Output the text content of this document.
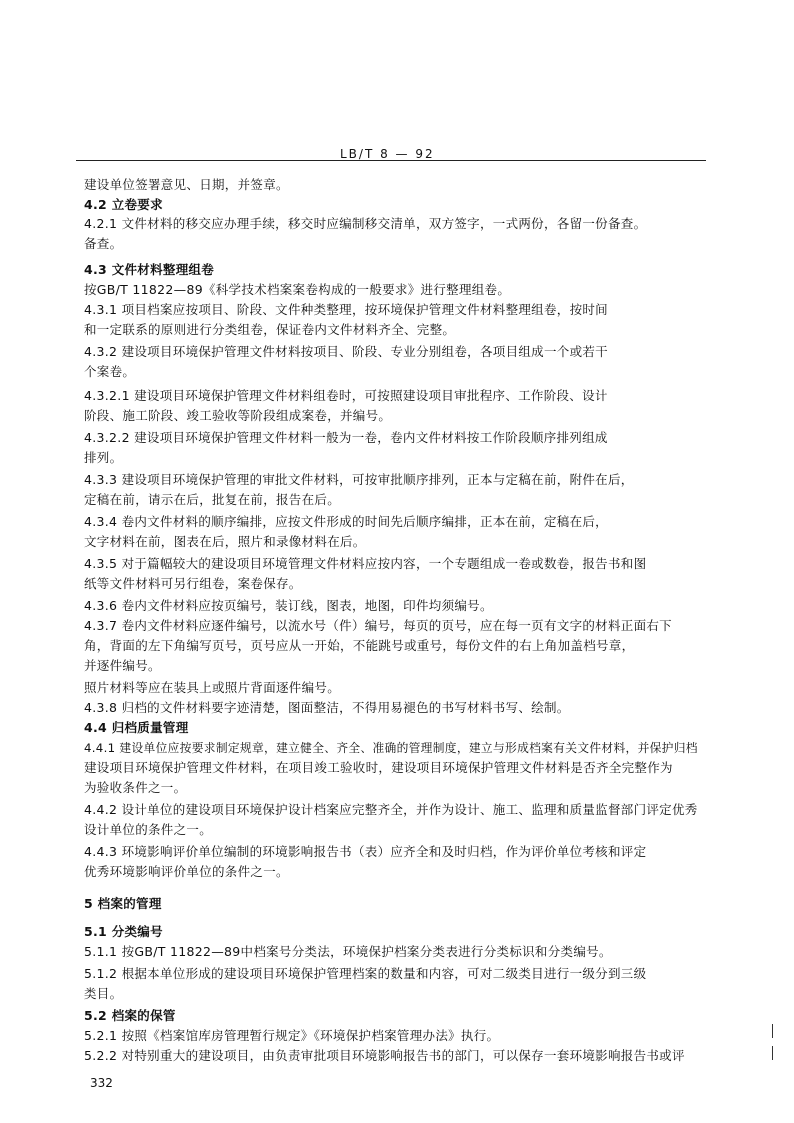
LB/T 8 — 92
建设单位签署意见、日期，并签章。
4.2 立卷要求
4.2.1 文件材料的移交应办理手续，移交时应编制移交清单，双方签字，一式两份，各留一份备查。
备查。
4.3 文件材料整理组卷
按GB/T 11822—89《科学技术档案案卷构成的一般要求》进行整理组卷。
4.3.1 项目档案应按项目、阶段、文件种类整理，按环境保护管理文件材料整理组卷，按时间
和一定联系的原则进行分类组卷，保证卷内文件材料齐全、完整。
4.3.2 建设项目环境保护管理文件材料按项目、阶段、专业分别组卷，各项目组成一个或若干
个案卷。
4.3.2.1 建设项目环境保护管理文件材料组卷时，可按照建设项目审批程序、工作阶段、设计
阶段、施工阶段、竣工验收等阶段组成案卷，并编号。
4.3.2.2 建设项目环境保护管理文件材料一般为一卷，卷内文件材料按工作阶段顺序排列组成
排列。
4.3.3 建设项目环境保护管理的审批文件材料，可按审批顺序排列，正本与定稿在前，附件在后，
定稿在前，请示在后，批复在前，报告在后。
4.3.4 卷内文件材料的顺序编排，应按文件形成的时间先后顺序编排，正本在前，定稿在后，
文字材料在前，图表在后，照片和录像材料在后。
4.3.5 对于篇幅较大的建设项目环境管理文件材料应按内容，一个专题组成一卷或数卷，报告书和图
纸等文件材料可另行组卷，案卷保存。
4.3.6 卷内文件材料应按页编号，装订线，图表，地图，印件均须编号。
4.3.7 卷内文件材料应逐件编号，以流水号（件）编号，每页的页号，应在每一页有文字的材料正面右下
角，背面的左下角编写页号，页号应从一开始，不能跳号或重号，每份文件的右上角加盖档号章，
并逐件编号。
照片材料等应在装具上或照片背面逐件编号。
4.3.8 归档的文件材料要字迹清楚，图面整洁，不得用易褪色的书写材料书写、绘制。
4.4 归档质量管理
4.4.1 建设单位应按要求制定规章，建立健全、齐全、准确的管理制度，建立与形成档案有关文件材料，并保护归档
建设项目环境保护管理文件材料，在项目竣工验收时，建设项目环境保护管理文件材料是否齐全完整作为
为验收条件之一。
4.4.2 设计单位的建设项目环境保护设计档案应完整齐全，并作为设计、施工、监理和质量监督部门评定优秀
设计单位的条件之一。
4.4.3 环境影响评价单位编制的环境影响报告书（表）应齐全和及时归档，作为评价单位考核和评定
优秀环境影响评价单位的条件之一。
5 档案的管理
5.1 分类编号
5.1.1 按GB/T 11822—89中档案号分类法，环境保护档案分类表进行分类标识和分类编号。
5.1.2 根据本单位形成的建设项目环境保护管理档案的数量和内容，可对二级类目进行一级分到三级
类目。
5.2 档案的保管
5.2.1 按照《档案馆库房管理暂行规定》《环境保护档案管理办法》执行。
5.2.2 对特别重大的建设项目，由负责审批项目环境影响报告书的部门，可以保存一套环境影响报告书或评
332
